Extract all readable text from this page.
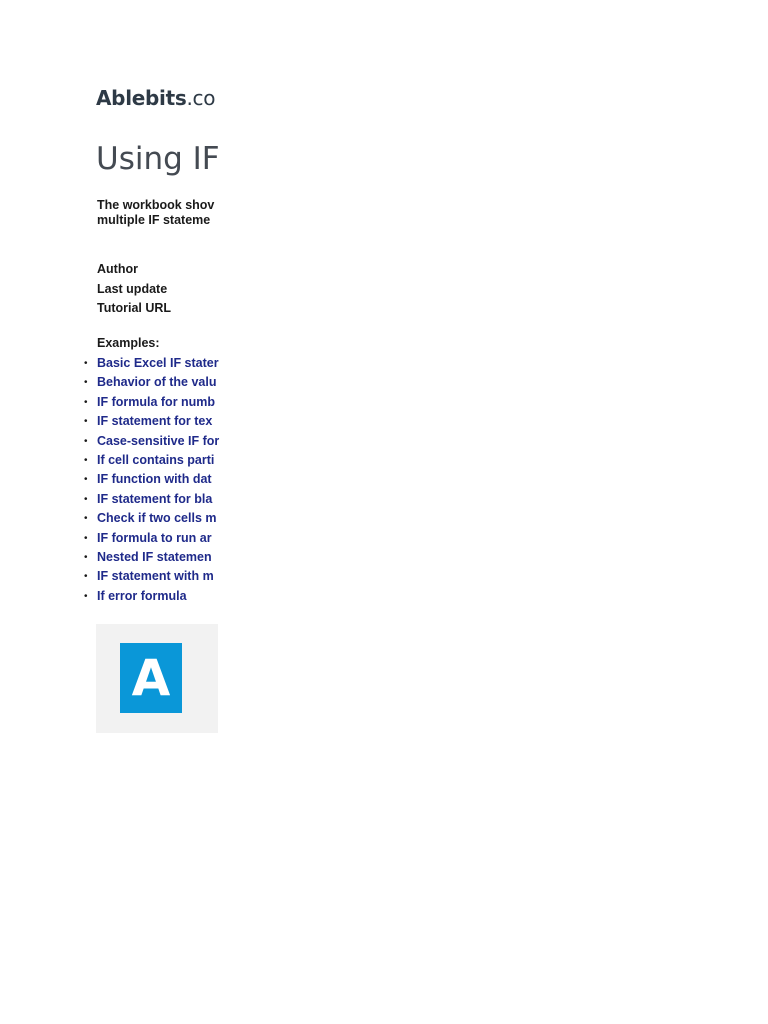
Ablebits.co
Using IF
The workbook shov
multiple IF stateme
Author
Last update
Tutorial URL
Examples:
Basic Excel IF stater
Behavior of the valu
IF formula for numb
IF statement for tex
Case-sensitive IF for
If cell contains parti
IF function with dat
IF statement for bla
Check if two cells m
IF formula to run ar
Nested IF statemen
IF statement with m
If error formula
A
•
•
•
•
•
•
•
•
•
•
•
•
•
